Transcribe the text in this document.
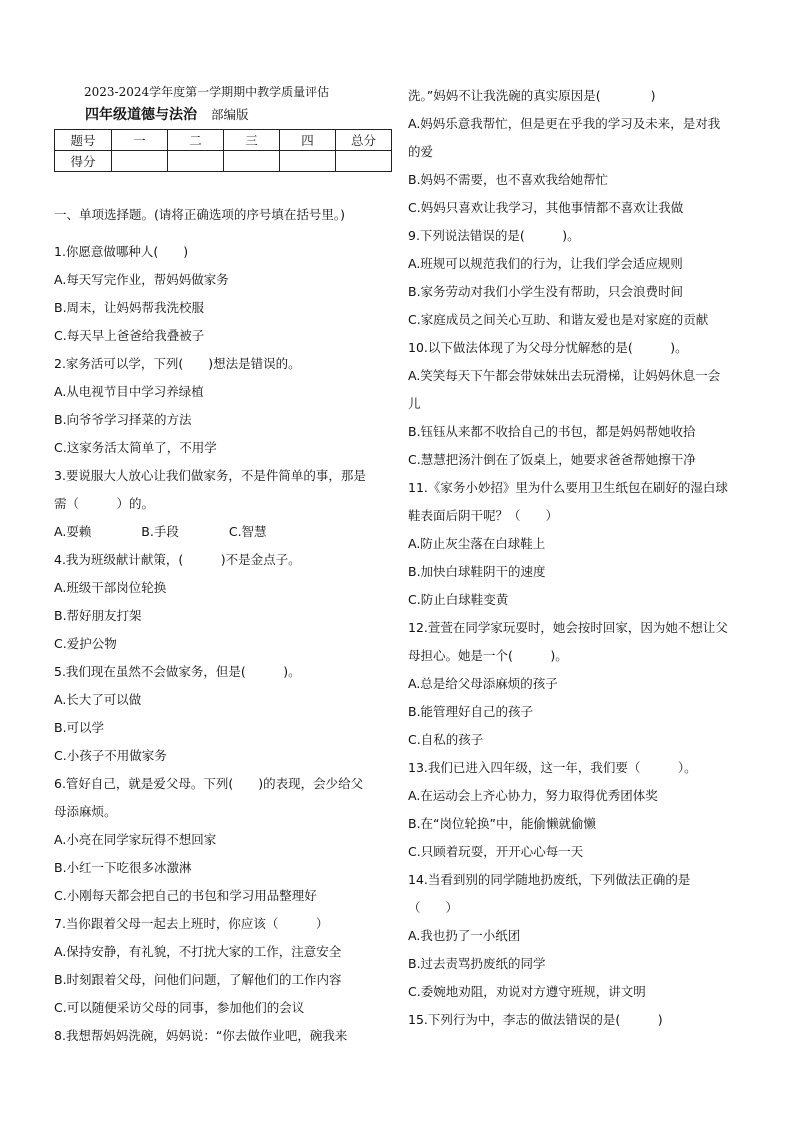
2023-2024学年度第一学期期中教学质量评估
四年级道德与法治 部编版
题号	一	二	三	四	总分
得分					
一、单项选择题。(请将正确选项的序号填在括号里。)
1.你愿意做哪种人(　　)
A.每天写完作业，帮妈妈做家务
B.周末，让妈妈帮我洗校服
C.每天早上爸爸给我叠被子
2.家务活可以学，下列(　　)想法是错误的。
A.从电视节目中学习养绿植
B.向爷爷学习择菜的方法
C.这家务活太简单了，不用学
3.要说服大人放心让我们做家务，不是件简单的事，那是
需（　　　）的。
A.耍赖　　　　B.手段　　　　C.智慧
4.我为班级献计献策，(　　　)不是金点子。
A.班级干部岗位轮换
B.帮好朋友打架
C.爱护公物
5.我们现在虽然不会做家务，但是(　　　)。
A.长大了可以做
B.可以学
C.小孩子不用做家务
6.管好自己，就是爱父母。下列(　　)的表现，会少给父
母添麻烦。
A.小亮在同学家玩得不想回家
B.小红一下吃很多冰激淋
C.小刚每天都会把自己的书包和学习用品整理好
7.当你跟着父母一起去上班时，你应该（　　　）
A.保持安静，有礼貌，不打扰大家的工作，注意安全
B.时刻跟着父母，问他们问题，了解他们的工作内容
C.可以随便采访父母的同事，参加他们的会议
8.我想帮妈妈洗碗，妈妈说：“你去做作业吧，碗我来
洗。”妈妈不让我洗碗的真实原因是(　　　　)
A.妈妈乐意我帮忙，但是更在乎我的学习及未来，是对我
的爱
B.妈妈不需要，也不喜欢我给她帮忙
C.妈妈只喜欢让我学习，其他事情都不喜欢让我做
9.下列说法错误的是(　　　)。
A.班规可以规范我们的行为，让我们学会适应规则
B.家务劳动对我们小学生没有帮助，只会浪费时间
C.家庭成员之间关心互助、和谐友爱也是对家庭的贡献
10.以下做法体现了为父母分忧解愁的是(　　　)。
A.笑笑每天下午都会带妹妹出去玩滑梯，让妈妈休息一会
儿
B.钰钰从来都不收拾自己的书包，都是妈妈帮她收拾
C.慧慧把汤汁倒在了饭桌上，她要求爸爸帮她擦干净
11.《家务小妙招》里为什么要用卫生纸包在刷好的湿白球
鞋表面后阴干呢？（　　）
A.防止灰尘落在白球鞋上
B.加快白球鞋阴干的速度
C.防止白球鞋变黄
12.萱萱在同学家玩耍时，她会按时回家，因为她不想让父
母担心。她是一个(　　　)。
A.总是给父母添麻烦的孩子
B.能管理好自己的孩子
C.自私的孩子
13.我们已进入四年级，这一年，我们要（　　　）。
A.在运动会上齐心协力，努力取得优秀团体奖
B.在“岗位轮换”中，能偷懒就偷懒
C.只顾着玩耍，开开心心每一天
14.当看到别的同学随地扔废纸，下列做法正确的是
（　　）
A.我也扔了一小纸团
B.过去责骂扔废纸的同学
C.委婉地劝阻，劝说对方遵守班规，讲文明
15.下列行为中，李志的做法错误的是(　　　)
